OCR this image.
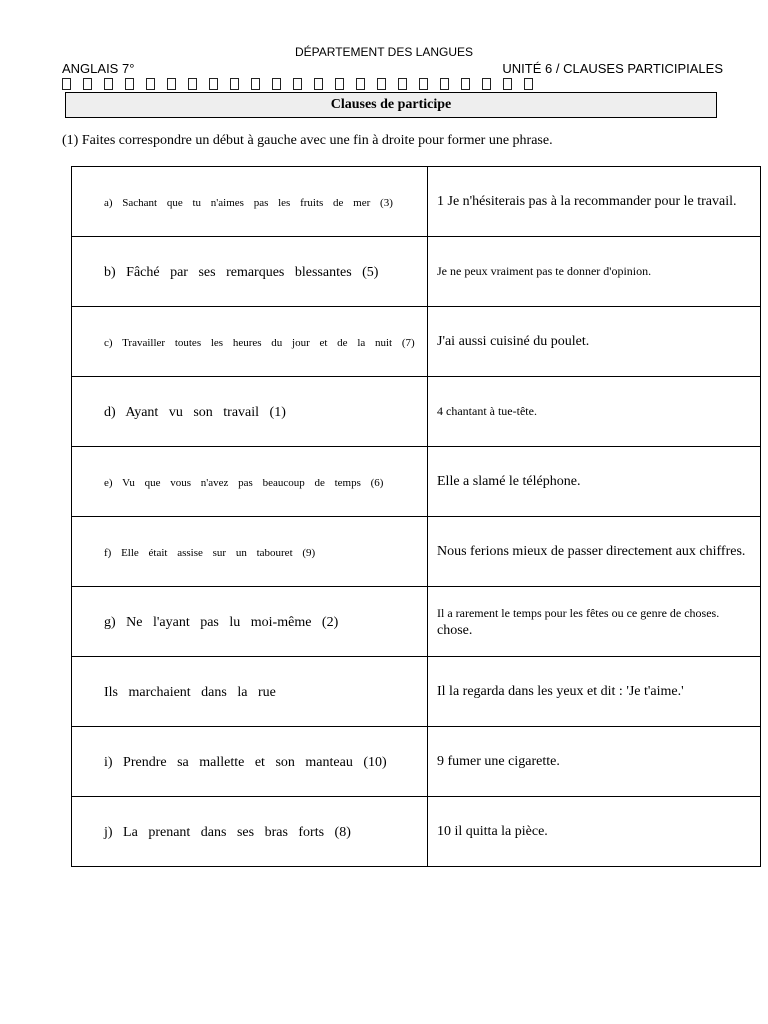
DÉPARTEMENT DES LANGUES
ANGLAIS 7°	UNITÉ 6 / CLAUSES PARTICIPIALES
Clauses de participe
(1) Faites correspondre un début à gauche avec une fin à droite pour former une phrase.
a) Sachant que tu n'aimes pas les fruits de mer (3)	1 Je n'hésiterais pas à la recommander pour le travail.

b) Fâché par ses remarques blessantes (5)	Je ne peux vraiment pas te donner d'opinion.

c) Travailler toutes les heures du jour et de la nuit (7)	J'ai aussi cuisiné du poulet.

d) Ayant vu son travail (1)	4 chantant à tue-tête.

e) Vu que vous n'avez pas beaucoup de temps (6)	Elle a slamé le téléphone.

f) Elle était assise sur un tabouret (9)	Nous ferions mieux de passer directement aux chiffres.

g) Ne l'ayant pas lu moi-même (2)	Il a rarement le temps pour les fêtes ou ce genre de choses.
chose.

Ils marchaient dans la rue	Il la regarda dans les yeux et dit : 'Je t'aime.'

i) Prendre sa mallette et son manteau (10)	9 fumer une cigarette.

j) La prenant dans ses bras forts (8)	10 il quitta la pièce.
